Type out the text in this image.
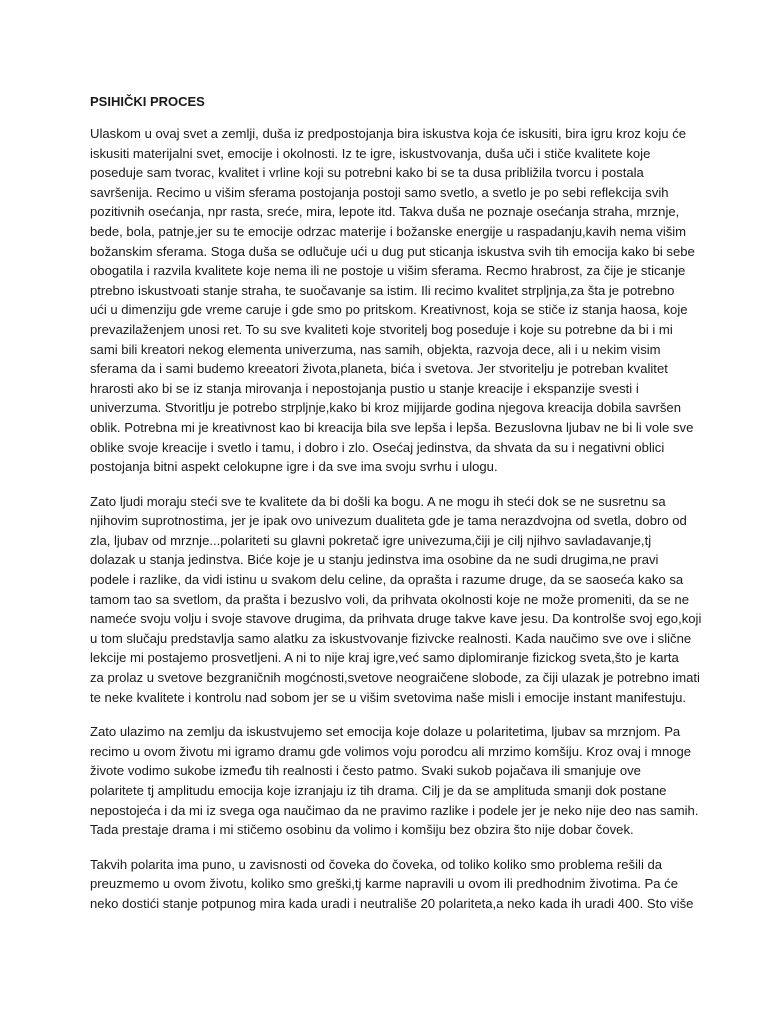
PSIHIČKI PROCES
Ulaskom u ovaj svet a zemlji, duša iz predpostojanja bira iskustva koja će iskusiti, bira igru kroz koju će
iskusiti materijalni svet, emocije i okolnosti. Iz te igre, iskustvovanja, duša uči i stiče kvalitete koje
poseduje sam tvorac, kvalitet i vrline koji su potrebni kako bi se ta dusa približila tvorcu i postala
savršenija. Recimo u višim sferama postojanja postoji samo svetlo, a svetlo je po sebi reflekcija svih
pozitivnih osećanja, npr rasta, sreće, mira, lepote itd. Takva duša ne poznaje osećanja straha, mrznje,
bede, bola, patnje,jer su te emocije odrzac materije i božanske energije u raspadanju,kavih nema višim
božanskim sferama. Stoga duša se odlučuje ući u dug put sticanja iskustva svih tih emocija kako bi sebe
obogatila i razvila kvalitete koje nema ili ne postoje u višim sferama. Recmo hrabrost, za čije je sticanje
ptrebno iskustvoati stanje straha, te suočavanje sa istim. Ili recimo kvalitet strpljnja,za šta je potrebno
ući u dimenziju gde vreme caruje i gde smo po pritskom. Kreativnost, koja se stiče iz stanja haosa, koje
prevazilaženjem unosi ret. To su sve kvaliteti koje stvoritelj bog poseduje i koje su potrebne da bi i mi
sami bili kreatori nekog elementa univerzuma, nas samih, objekta, razvoja dece, ali i u nekim visim
sferama da i sami budemo kreeatori života,planeta, bića i svetova. Jer stvoritelju je potreban kvalitet
hrarosti ako bi se iz stanja mirovanja i nepostojanja pustio u stanje kreacije i ekspanzije svesti i
univerzuma. Stvoritlju je potrebo strpljnje,kako bi kroz mijijarde godina njegova kreacija dobila savršen
oblik. Potrebna mi je kreativnost kao bi kreacija bila sve lepša i lepša. Bezuslovna ljubav ne bi li vole sve
oblike svoje kreacije i svetlo i tamu, i dobro i zlo. Osećaj jedinstva, da shvata da su i negativni oblici
postojanja bitni aspekt celokupne igre i da sve ima svoju svrhu i ulogu.
Zato ljudi moraju steći sve te kvalitete da bi došli ka bogu. A ne mogu ih steći dok se ne susretnu sa
njihovim suprotnostima, jer je ipak ovo univezum dualiteta gde je tama nerazdvojna od svetla, dobro od
zla, ljubav od mrznje...polariteti su glavni pokretač igre univezuma,čiji je cilj njihvo savladavanje,tj
dolazak u stanja jedinstva. Biće koje je u stanju jedinstva ima osobine da ne sudi drugima,ne pravi
podele i razlike, da vidi istinu u svakom delu celine, da oprašta i razume druge, da se saoseća kako sa
tamom tao sa svetlom, da prašta i bezuslvo voli, da prihvata okolnosti koje ne može promeniti, da se ne
nameće svoju volju i svoje stavove drugima, da prihvata druge takve kave jesu. Da kontrolše svoj ego,koji
u tom slučaju predstavlja samo alatku za iskustvovanje fizivcke realnosti. Kada naučimo sve ove i slične
lekcije mi postajemo prosvetljeni. A ni to nije kraj igre,već samo diplomiranje fizickog sveta,što je karta
za prolaz u svetove bezgraničnih mogćnosti,svetove neograičene slobode, za čiji ulazak je potrebno imati
te neke kvalitete i kontrolu nad sobom jer se u višim svetovima naše misli i emocije instant manifestuju.
Zato ulazimo na zemlju da iskustvujemo set emocija koje dolaze u polaritetima, ljubav sa mrznjom. Pa
recimo u ovom životu mi igramo dramu gde volimos voju porodcu ali mrzimo komšiju. Kroz ovaj i mnoge
živote vodimo sukobe između tih realnosti i često patmo. Svaki sukob pojačava ili smanjuje ove
polaritete tj amplitudu emocija koje izranjaju iz tih drama. Cilj je da se amplituda smanji dok postane
nepostojeća i da mi iz svega oga naučimao da ne pravimo razlike i podele jer je neko nije deo nas samih.
Tada prestaje drama i mi stičemo osobinu da volimo i komšiju bez obzira što nije dobar čovek.
Takvih polarita ima puno, u zavisnosti od čoveka do čoveka, od toliko koliko smo problema rešili da
preuzmemo u ovom životu, koliko smo greški,tj karme napravili u ovom ili predhodnim životima. Pa će
neko dostići stanje potpunog mira kada uradi i neutrališe 20 polariteta,a neko kada ih uradi 400. Sto više
